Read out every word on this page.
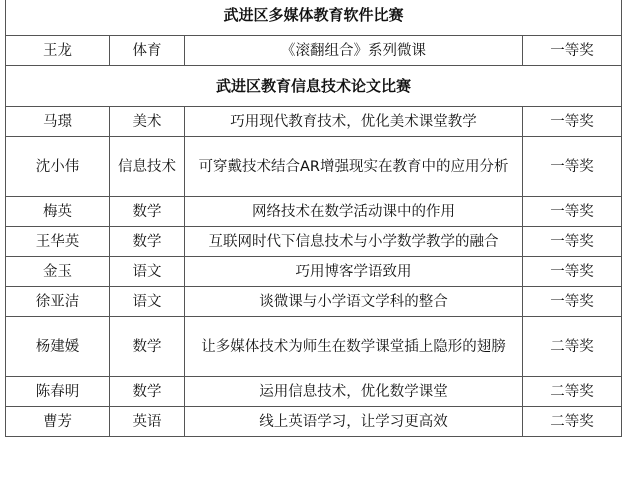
武进区多媒体教育软件比赛			
王龙	体育	《滚翻组合》系列微课	一等奖
武进区教育信息技术论文比赛			
马璟	美术	巧用现代教育技术，优化美术课堂教学	一等奖
沈小伟	信息技术	可穿戴技术结合AR增强现实在教育中的应用分析	一等奖
梅英	数学	网络技术在数学活动课中的作用	一等奖
王华英	数学	互联网时代下信息技术与小学数学教学的融合	一等奖
金玉	语文	巧用博客学语致用	一等奖
徐亚洁	语文	谈微课与小学语文学科的整合	一等奖
杨建媛	数学	让多媒体技术为师生在数学课堂插上隐形的翅膀	二等奖
陈春明	数学	运用信息技术，优化数学课堂	二等奖
曹芳	英语	线上英语学习，让学习更高效	二等奖
